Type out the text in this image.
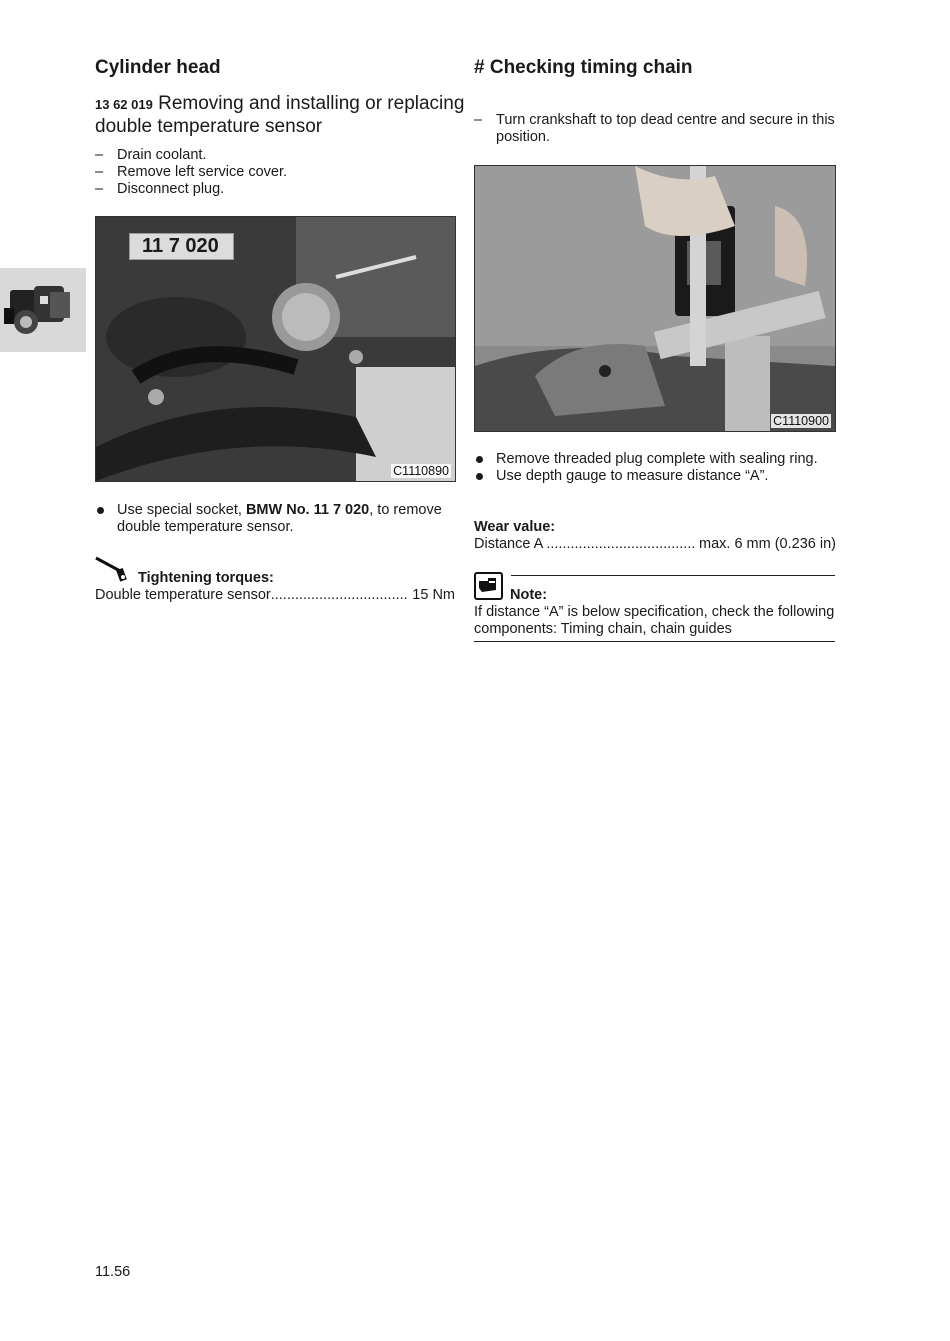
Cylinder head
13 62 019 Removing and installing or replacing double temperature sensor
– Drain coolant.
– Remove left service cover.
– Disconnect plug.
11 7 020
C1110890
Use special socket, BMW No. 11 7 020, to remove double temperature sensor.
Tightening torques:
Double temperature sensor .....	15 Nm
# Checking timing chain
– Turn crankshaft to top dead centre and secure in this position.
C1110900
Remove threaded plug complete with sealing ring.
Use depth gauge to measure distance “A”.
Wear value:
Distance A .....	max. 6 mm (0.236 in)
Note:
If distance “A” is below specification, check the following components: Timing chain, chain guides
11.56
